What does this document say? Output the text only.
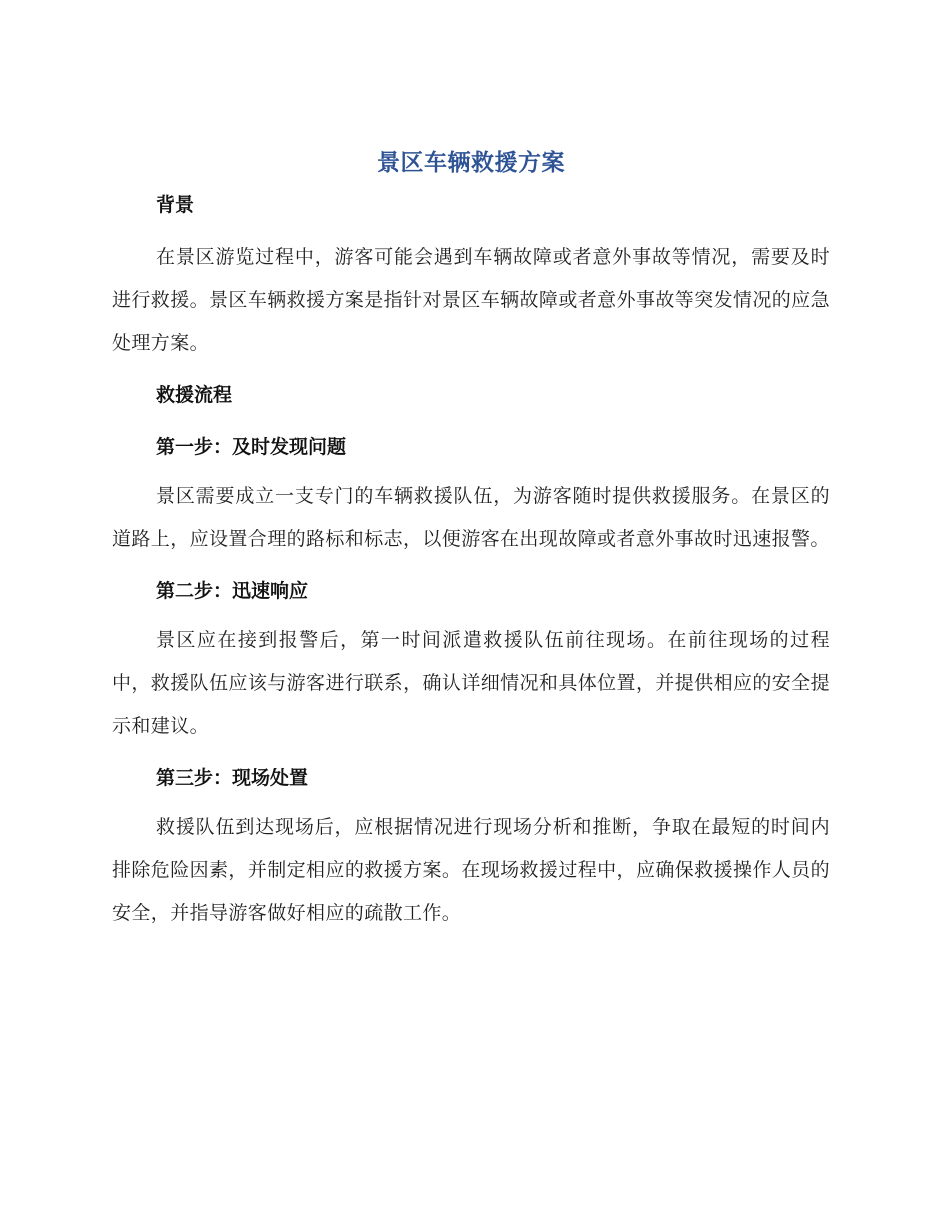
景区车辆救援方案
背景

在景区游览过程中，游客可能会遇到车辆故障或者意外事故等情况，需要及时进行救援。景区车辆救援方案是指针对景区车辆故障或者意外事故等突发情况的应急处理方案。

救援流程
第一步：及时发现问题

景区需要成立一支专门的车辆救援队伍，为游客随时提供救援服务。在景区的道路上，应设置合理的路标和标志，以便游客在出现故障或者意外事故时迅速报警。

第二步：迅速响应

景区应在接到报警后，第一时间派遣救援队伍前往现场。在前往现场的过程中，救援队伍应该与游客进行联系，确认详细情况和具体位置，并提供相应的安全提示和建议。

第三步：现场处置

救援队伍到达现场后，应根据情况进行现场分析和推断，争取在最短的时间内排除危险因素，并制定相应的救援方案。在现场救援过程中，应确保救援操作人员的安全，并指导游客做好相应的疏散工作。
